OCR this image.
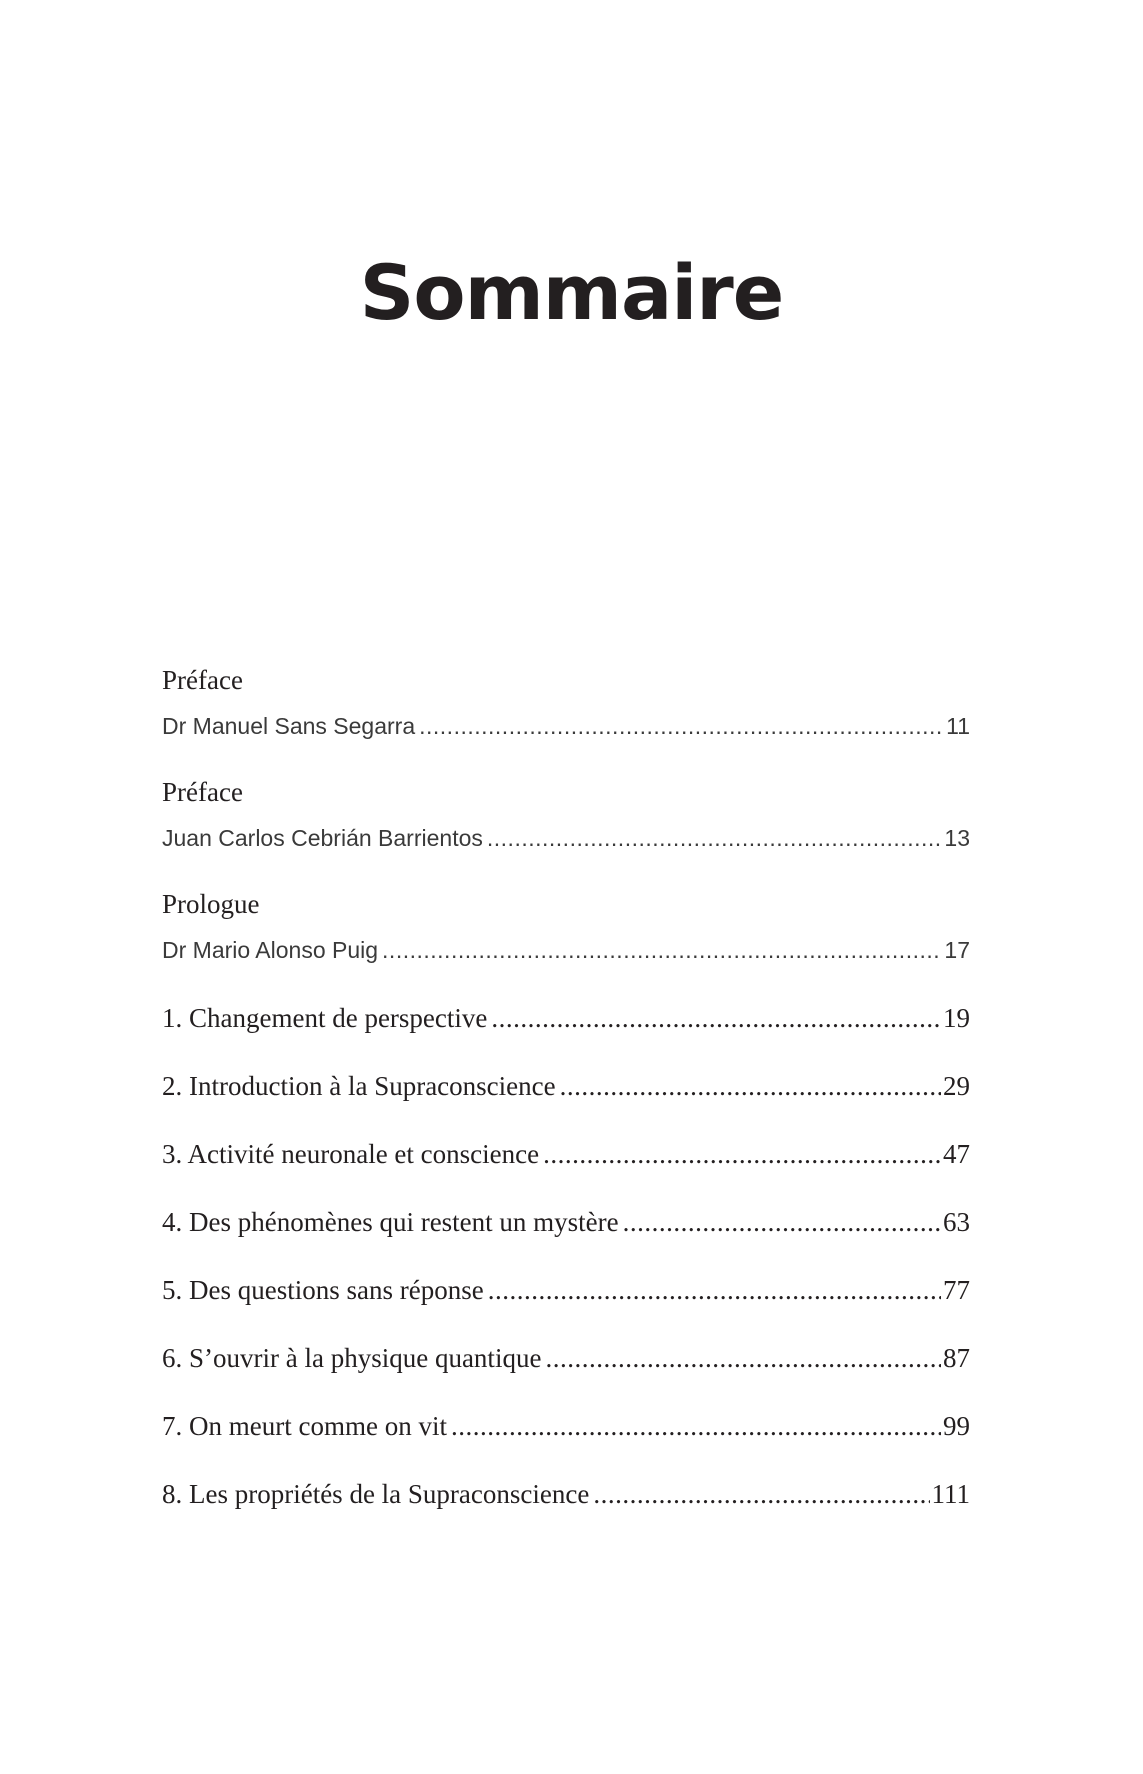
Sommaire
Préface
Dr Manuel Sans Segarra .....	11
Préface
Juan Carlos Cebrián Barrientos .....	13
Prologue
Dr Mario Alonso Puig .....	17
1. Changement de perspective .....	19
2. Introduction à la Supraconscience .....	29
3. Activité neuronale et conscience .....	47
4. Des phénomènes qui restent un mystère .....	63
5. Des questions sans réponse .....	77
6. S’ouvrir à la physique quantique .....	87
7. On meurt comme on vit .....	99
8. Les propriétés de la Supraconscience .....	111
